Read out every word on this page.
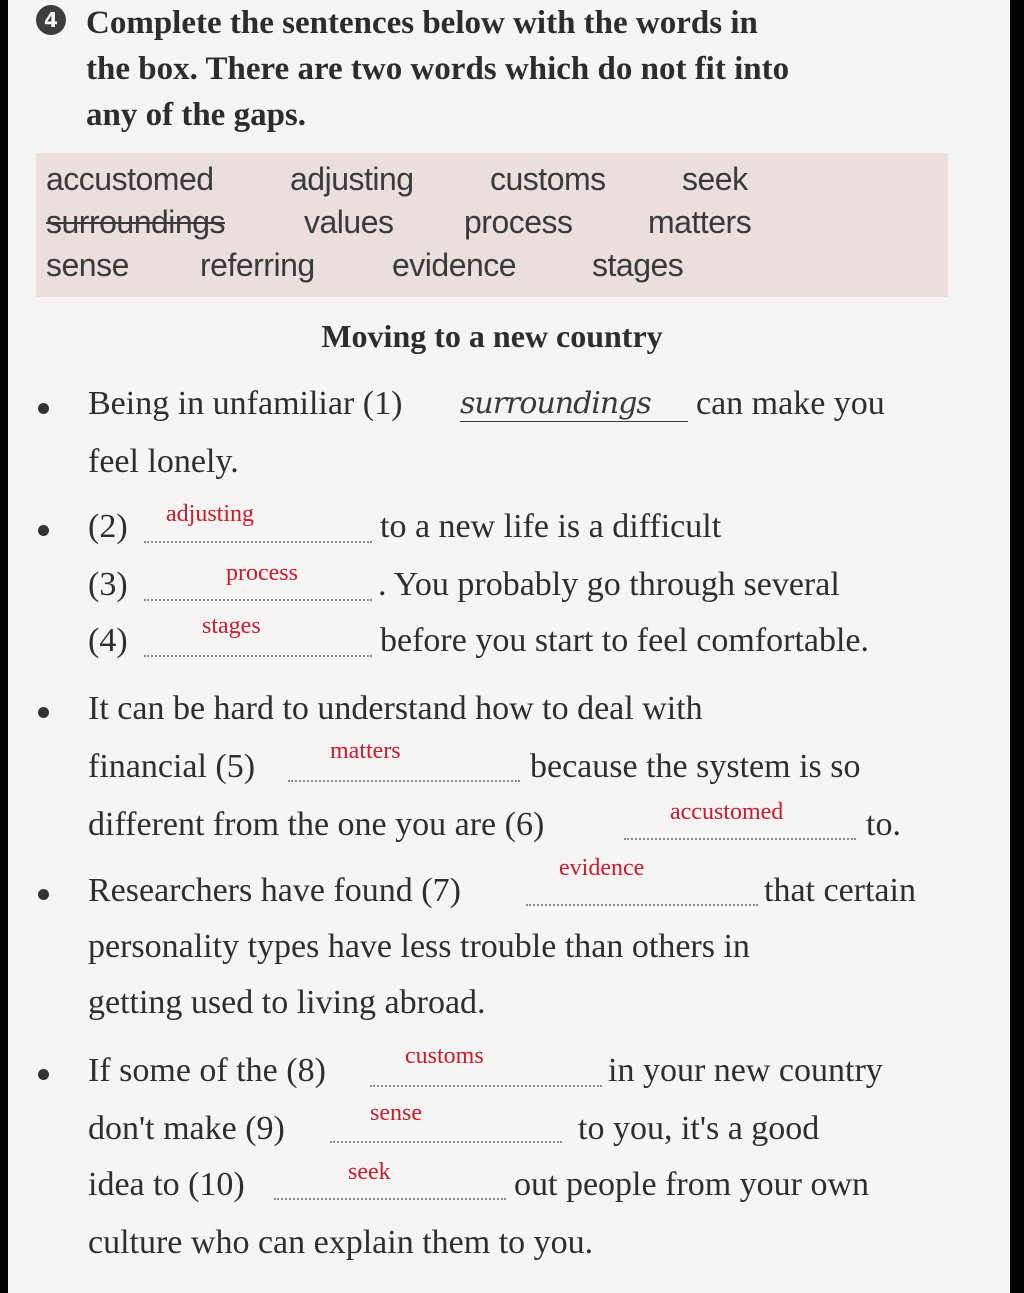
4 Complete the sentences below with the words in
the box. There are two words which do not fit into
any of the gaps.
accustomed adjusting customs seek
surroundings values process matters
sense referring evidence stages
Moving to a new country
Being in unfamiliar (1) surroundings can make you
feel lonely.
(2) adjusting	to a new life is a difficult
(3)	process . You probably go through several
(4)	stages	before you start to feel comfortable.
It can be hard to understand how to deal with
financial (5)	matters	because the system is so
different from the one you are (6)	accustomed to.
Researchers have found (7)
evidence
that certain
personality types have less trouble than others in
getting used to living abroad.
If some of the (8)	customs	in your new country
don't make (9)	sense	to you, it's a good
idea to (10)	seek	out people from your own
culture who can explain them to you.
